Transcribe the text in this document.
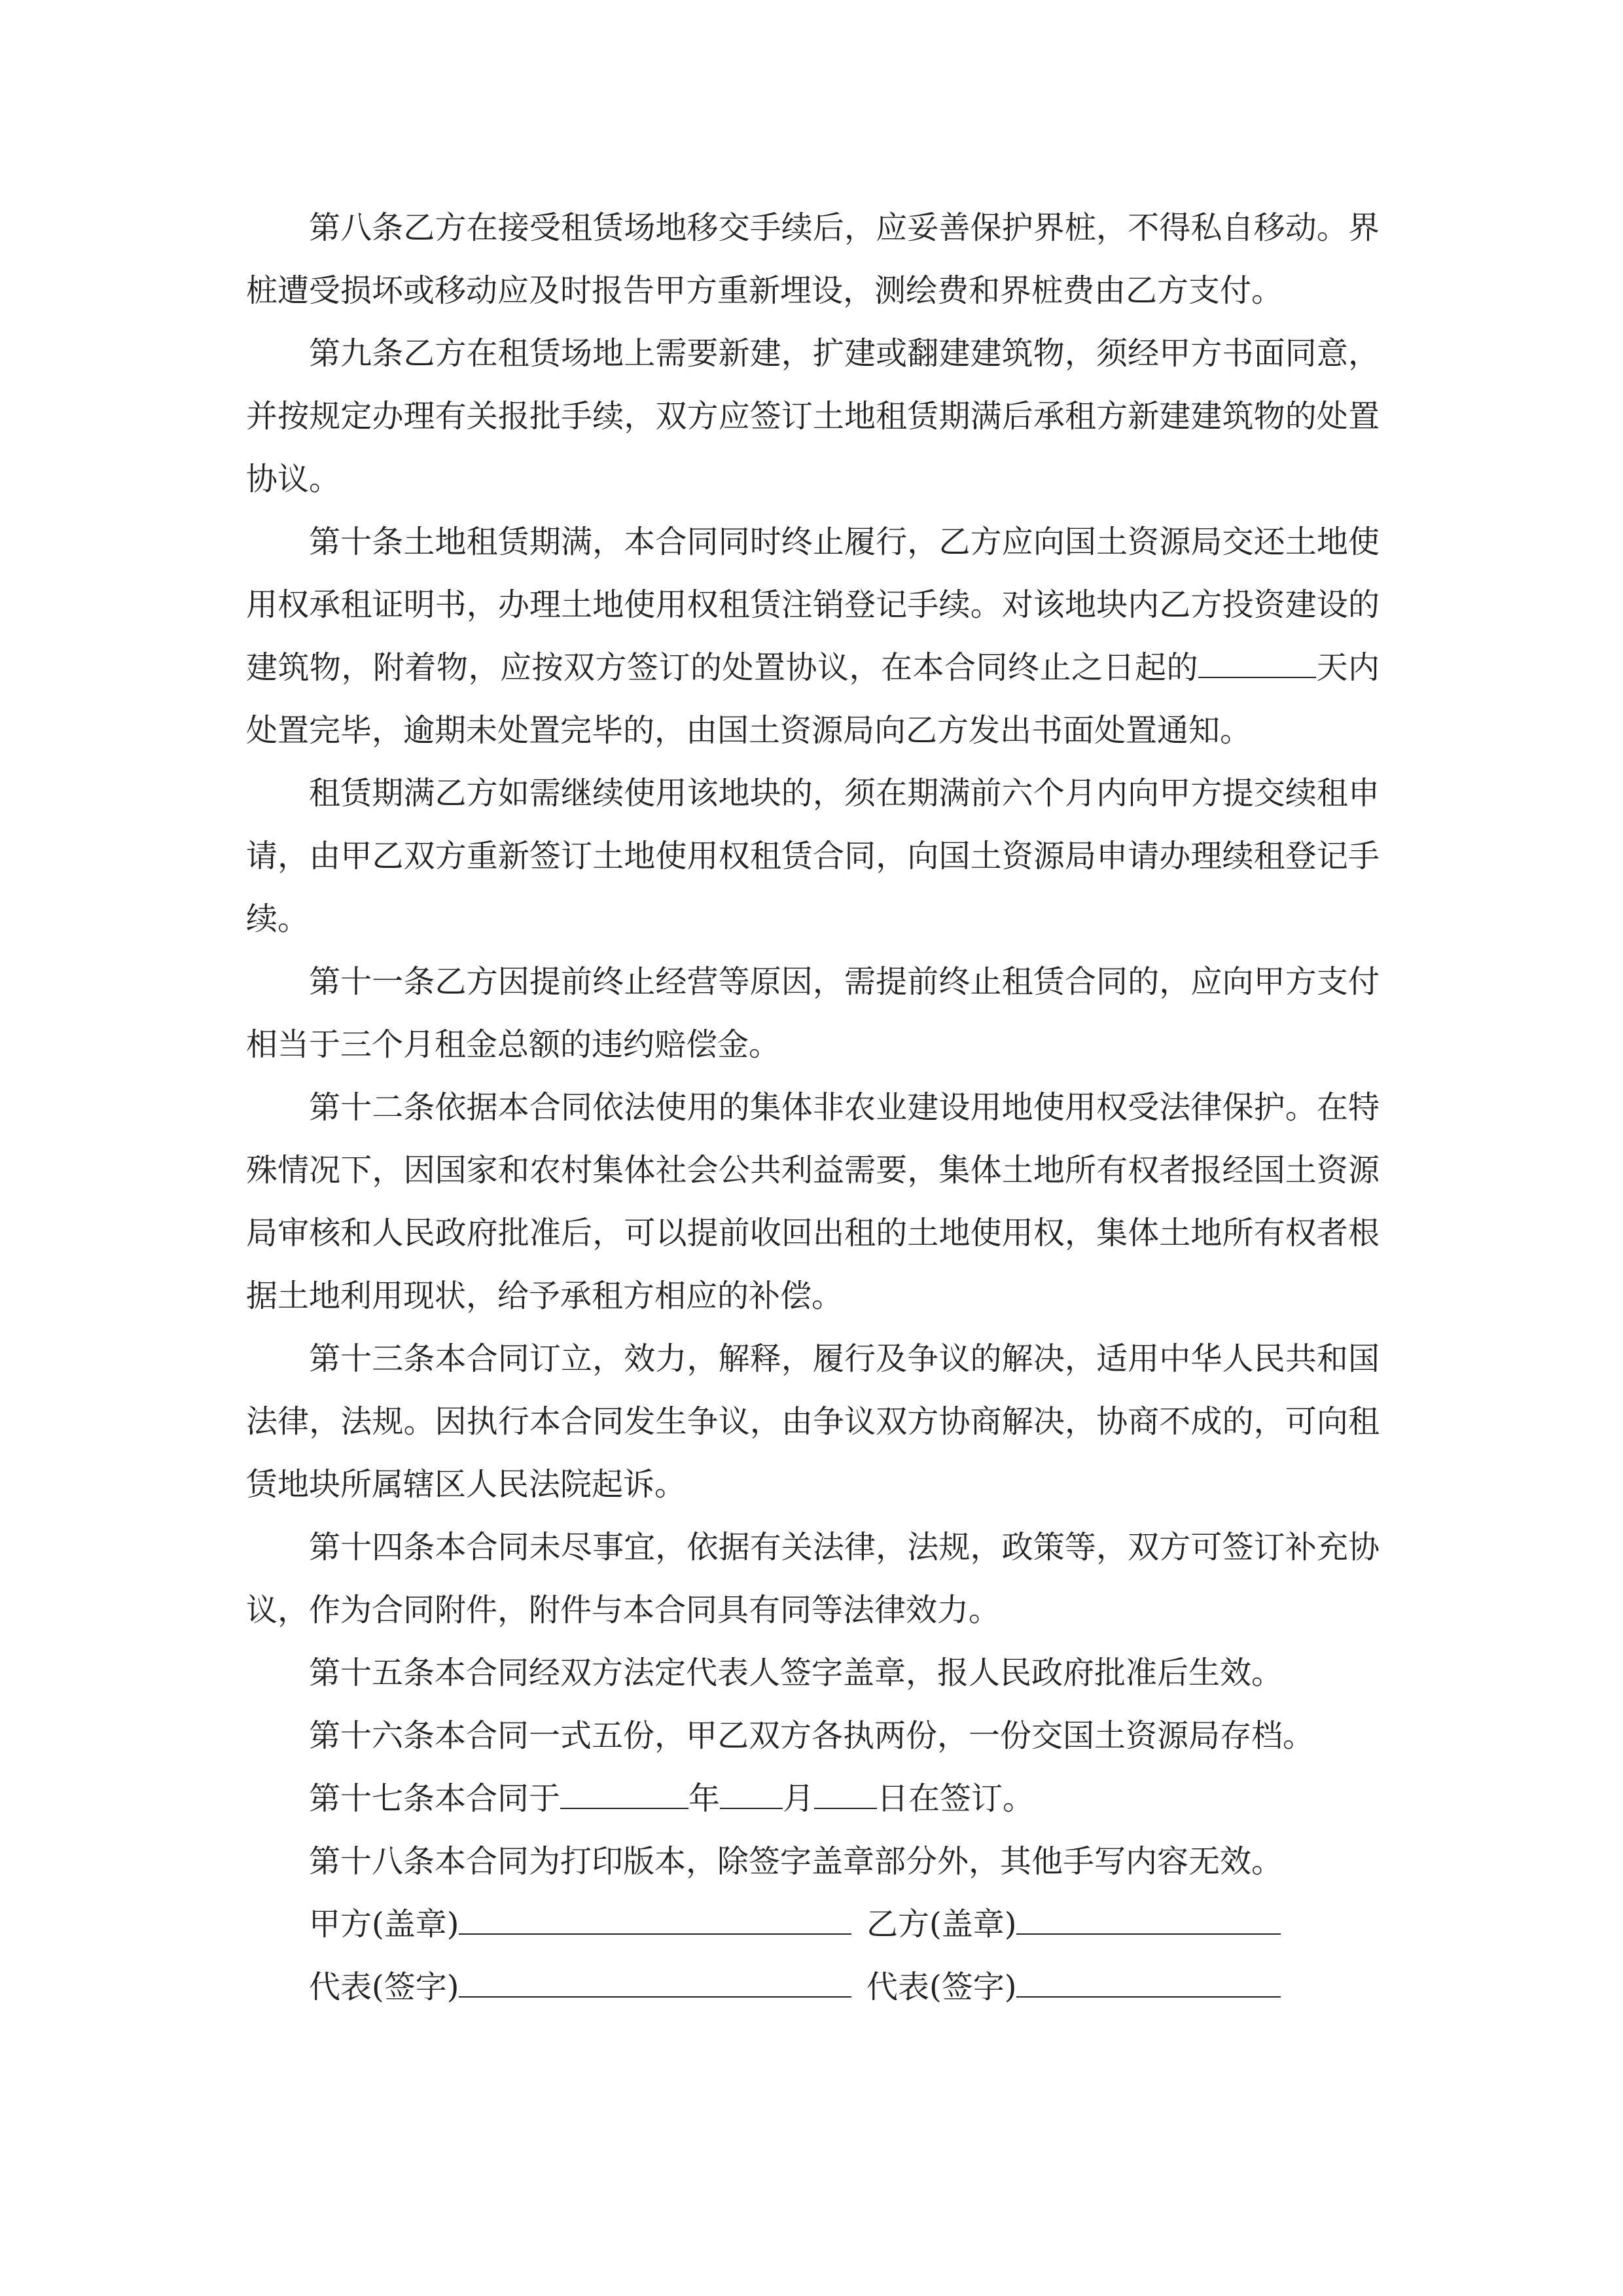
第八条乙方在接受租赁场地移交手续后，应妥善保护界桩，不得私自移动。界桩遭受损坏或移动应及时报告甲方重新埋设，测绘费和界桩费由乙方支付。

第九条乙方在租赁场地上需要新建，扩建或翻建建筑物，须经甲方书面同意，并按规定办理有关报批手续，双方应签订土地租赁期满后承租方新建建筑物的处置协议。

第十条土地租赁期满，本合同同时终止履行，乙方应向国土资源局交还土地使用权承租证明书，办理土地使用权租赁注销登记手续。对该地块内乙方投资建设的建筑物，附着物，应按双方签订的处置协议，在本合同终止之日起的	天内处置完毕，逾期未处置完毕的，由国土资源局向乙方发出书面处置通知。

租赁期满乙方如需继续使用该地块的，须在期满前六个月内向甲方提交续租申请，由甲乙双方重新签订土地使用权租赁合同，向国土资源局申请办理续租登记手续。

第十一条乙方因提前终止经营等原因，需提前终止租赁合同的，应向甲方支付相当于三个月租金总额的违约赔偿金。

第十二条依据本合同依法使用的集体非农业建设用地使用权受法律保护。在特殊情况下，因国家和农村集体社会公共利益需要，集体土地所有权者报经国土资源局审核和人民政府批准后，可以提前收回出租的土地使用权，集体土地所有权者根据土地利用现状，给予承租方相应的补偿。

第十三条本合同订立，效力，解释，履行及争议的解决，适用中华人民共和国法律，法规。因执行本合同发生争议，由争议双方协商解决，协商不成的，可向租赁地块所属辖区人民法院起诉。

第十四条本合同未尽事宜，依据有关法律，法规，政策等，双方可签订补充协议，作为合同附件，附件与本合同具有同等法律效力。

第十五条本合同经双方法定代表人签字盖章，报人民政府批准后生效。

第十六条本合同一式五份，甲乙双方各执两份，一份交国土资源局存档。

第十七条本合同于	年 月 日在签订。

第十八条本合同为打印版本，除签字盖章部分外，其他手写内容无效。

甲方(盖章)	乙方(盖章)
代表(签字)	代表(签字)
